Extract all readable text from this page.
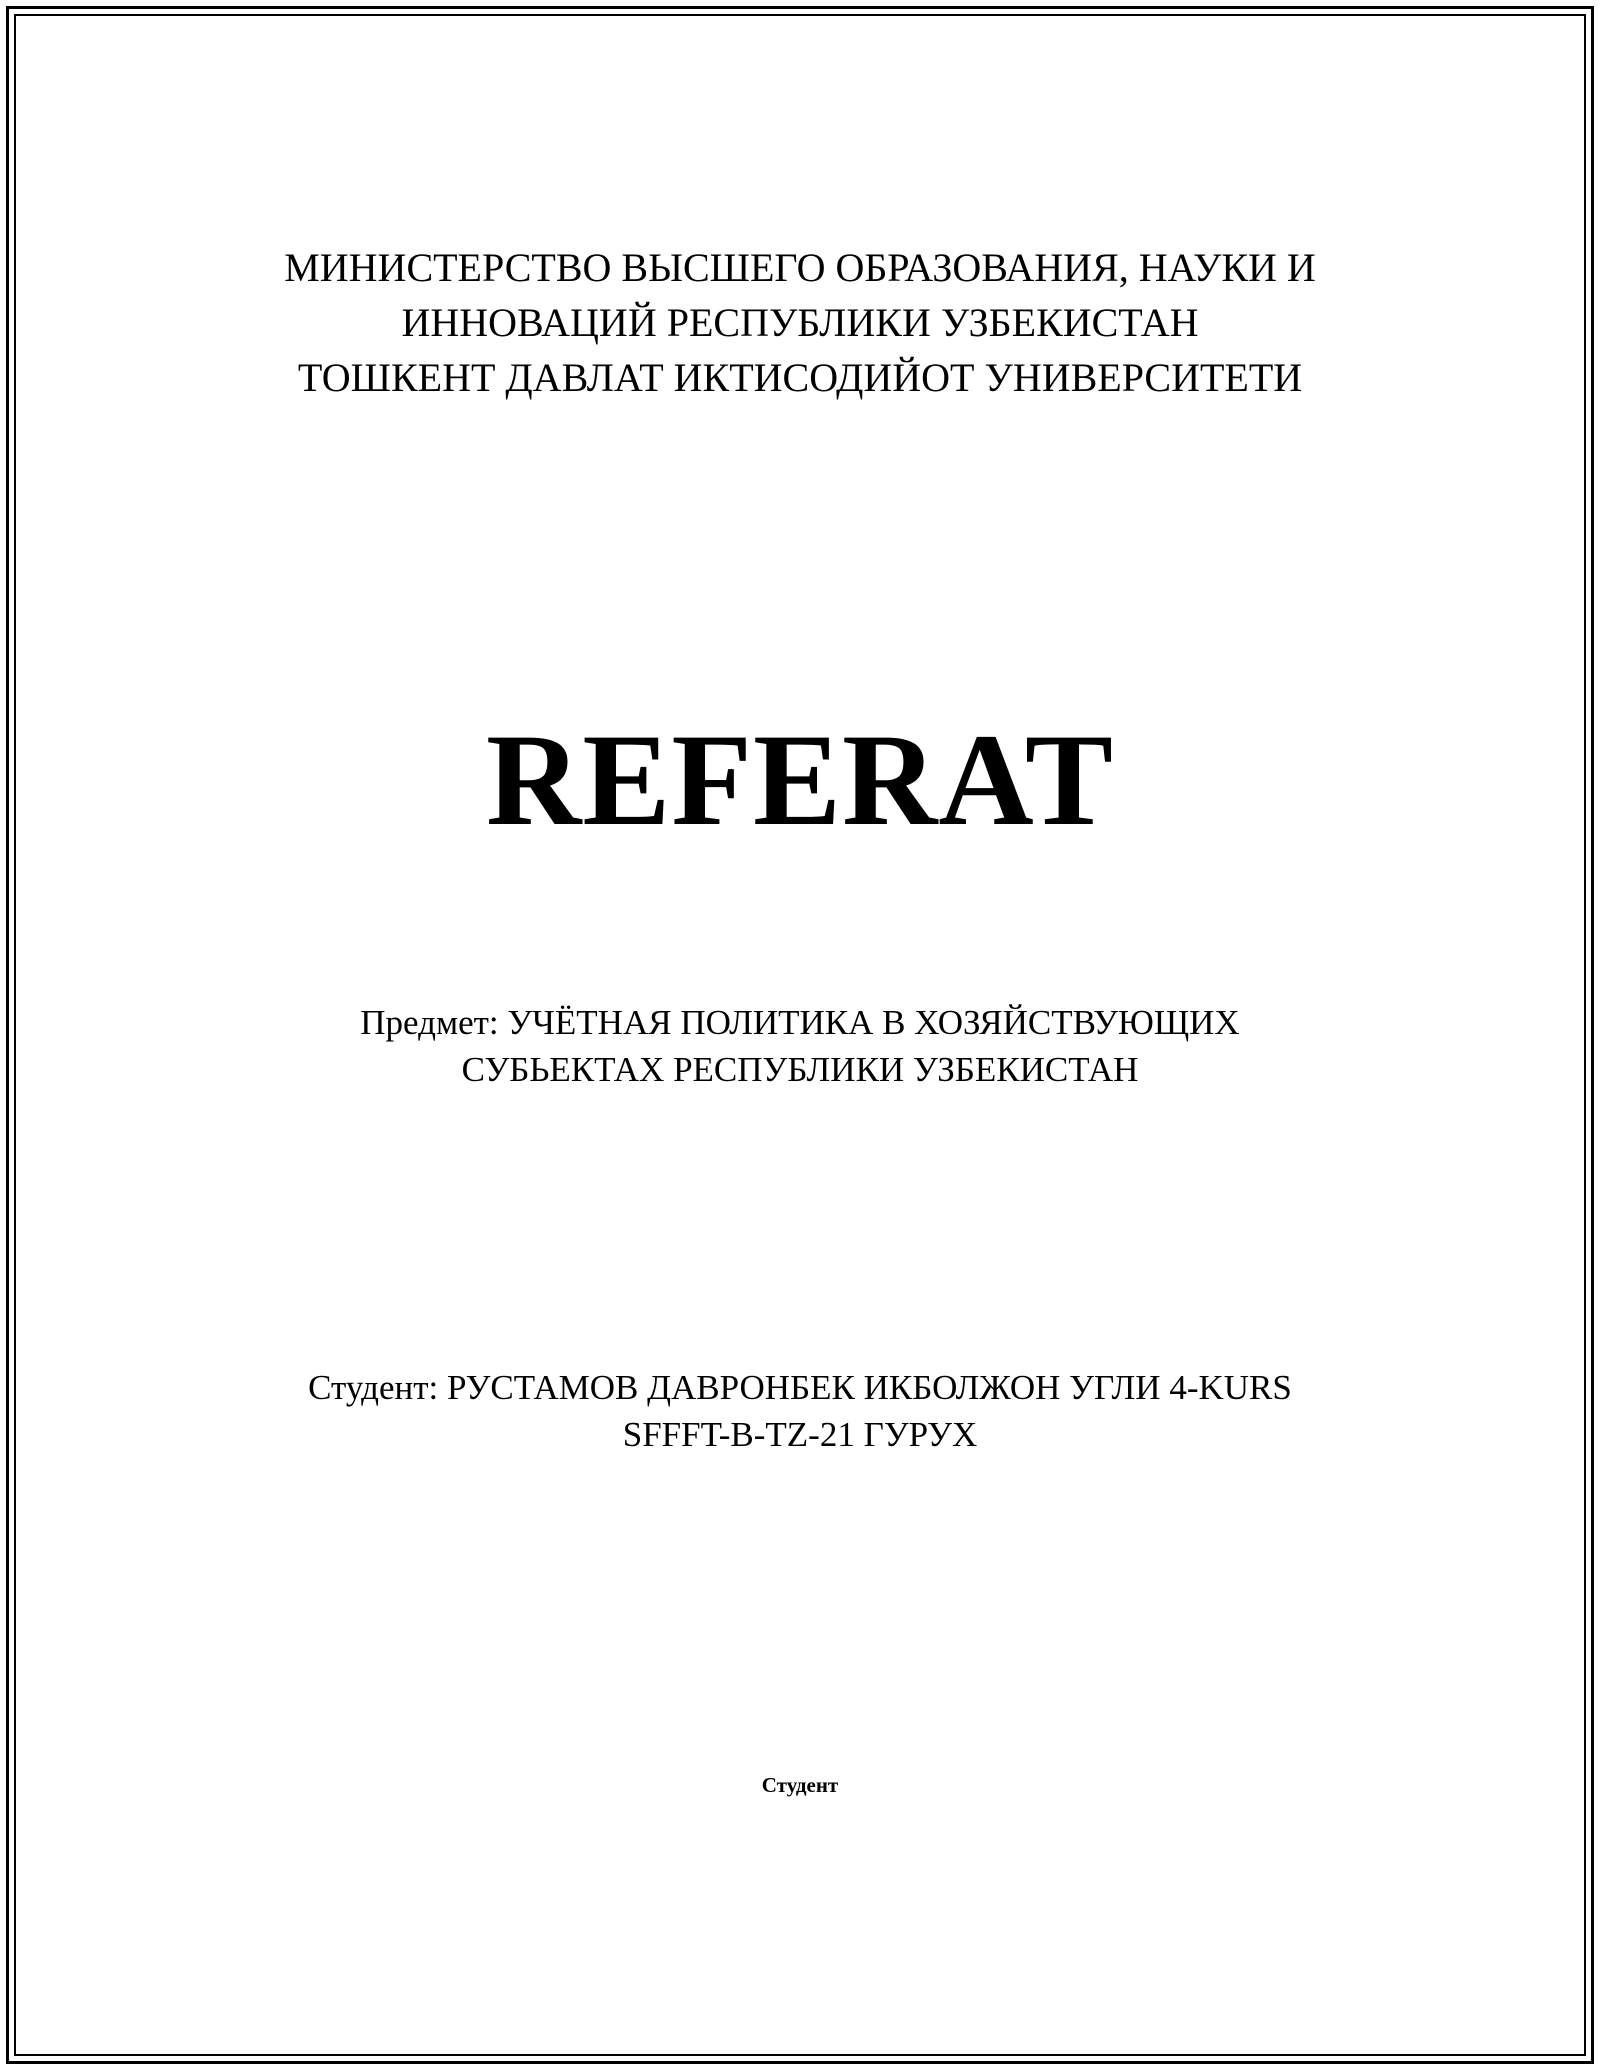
МИНИСТЕРСТВО ВЫСШЕГО ОБРАЗОВАНИЯ, НАУКИ И
ИННОВАЦИЙ РЕСПУБЛИКИ УЗБЕКИСТАН
ТОШКЕНТ ДАВЛАТ ИКТИСОДИЙОТ УНИВЕРСИТЕТИ
REFERAT
Предмет: УЧЁТНАЯ ПОЛИТИКА В ХОЗЯЙСТВУЮЩИХ
СУБЬЕКТАХ РЕСПУБЛИКИ УЗБЕКИСТАН
Студент: РУСТАМОВ ДАВРОНБЕК ИКБОЛЖОН УГЛИ 4-KURS
SFFFT-B-TZ-21 ГУРУХ
Студент
